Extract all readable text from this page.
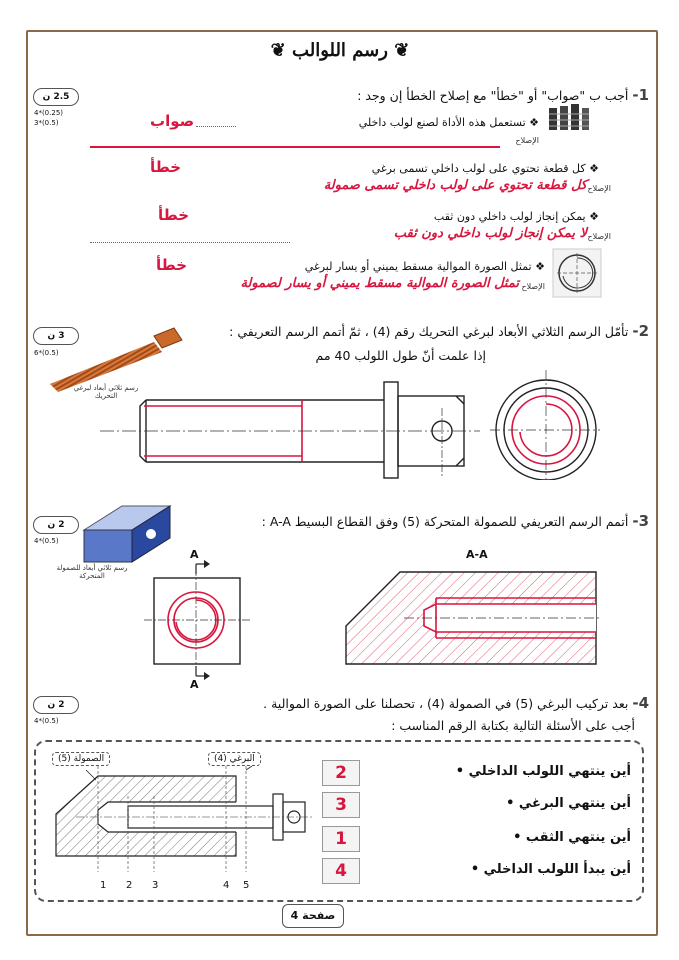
❦ رسم اللوالب ❦
2.5 ن
4*(0.25)
3*(0.5)
1- أجب ب "صواب" أو "خطأ" مع إصلاح الخطأ إن وجد :
❖ تستعمل هذه الأداة لصنع لولب داخلي
صواب
الإصلاح
❖ كل قطعة تحتوي على لولب داخلي تسمى برغي
خطأ
الإصلاح
كل قطعة تحتوي على لولب داخلي تسمى صمولة
❖ يمكن إنجاز لولب داخلي دون ثقب
خطأ
الإصلاح
لا يمكن إنجاز لولب داخلي دون ثقب
❖ تمثل الصورة الموالية مسقط يميني أو يسار لبرغي
خطأ
الإصلاح
تمثل الصورة الموالية مسقط يميني أو يسار لصمولة
3 ن
6*(0.5)
2- تأمّل الرسم الثلاثي الأبعاد لبرغي التحريك رقم (4) ، ثمّ أتمم الرسم التعريفي :
إذا علمت أنّ طول اللولب 40 مم
رسم ثلاثي أبعاد لبرغي التحريك
2 ن
4*(0.5)
3- أتمم الرسم التعريفي للصمولة المتحركة (5) وفق القطاع البسيط A-A :
رسم ثلاثي أبعاد للصمولة المتحركة
A
A
A-A
2 ن
4*(0.5)
4- بعد تركيب البرغي (5) في الصمولة (4) ، تحصلنا على الصورة الموالية .
أجب على الأسئلة التالية بكتابة الرقم المناسب :
الصمولة (5)	البرغي (4)
1 2 3	4 5
2	أين ينتهي اللولب الداخلي •
3	أين ينتهي البرغي •
1	أين ينتهي الثقب •
4	أين يبدأ اللولب الداخلي •
صفحة 4
